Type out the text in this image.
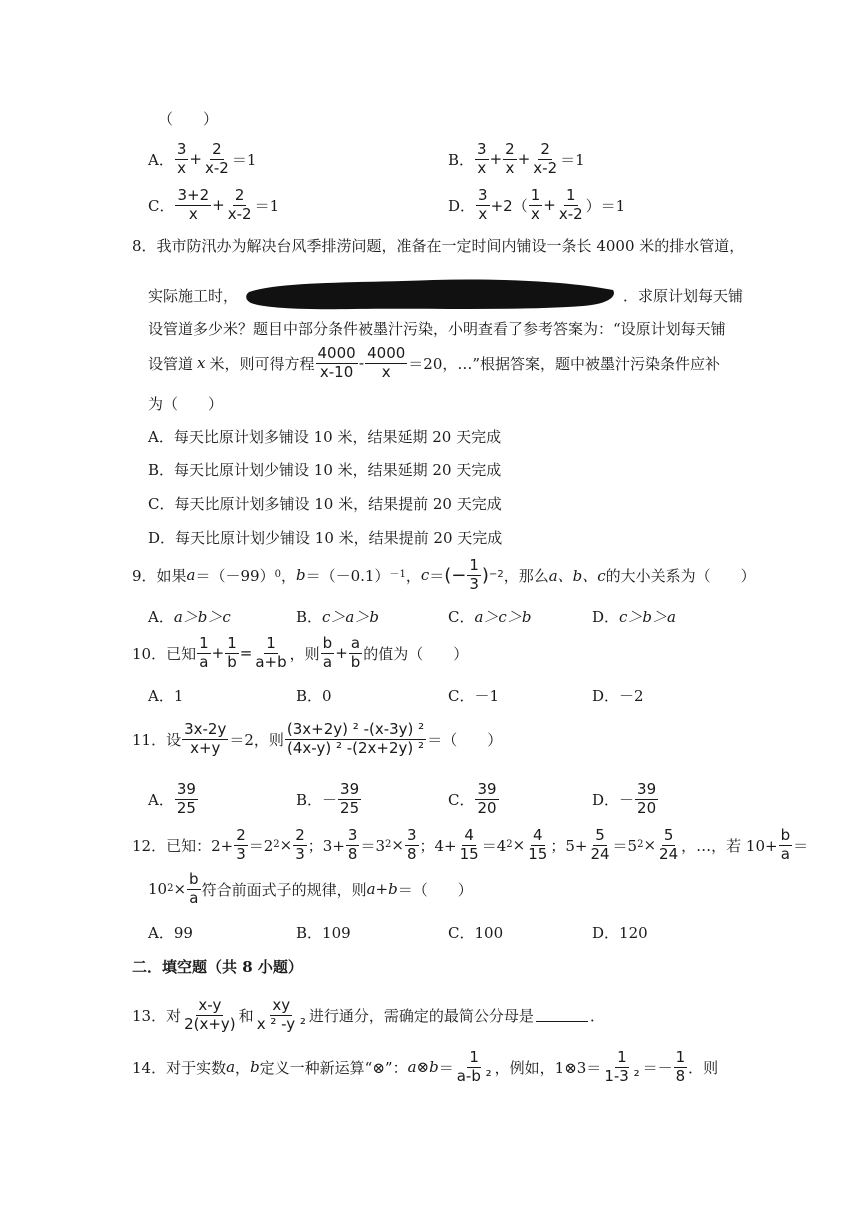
（　　）
A． $\frac{3}{x} + \frac{2}{x-2} =1$	B． $\frac{3}{x} + \frac{2}{x} + \frac{2}{x-2} =1$
C． $\frac{3+2}{x} + \frac{2}{x-2} =1$	D． $\frac{3}{x} +2( \frac{1}{x} + \frac{1}{x-2} )=1$
8．我市防汛办为解决台风季排涝问题，准备在一定时间内铺设一条长 4000 米的排水管道，
实际施工时，	．求原计划每天铺
设管道多少米？题目中部分条件被墨汁污染，小明查看了参考答案为：“设原计划每天铺
设管道 x 米，则可得方程 $\frac{4000}{x-10} - \frac{4000}{x} =20$，…”根据答案，题中被墨汁污染条件应补
为（　　）
A．每天比原计划多铺设 10 米，结果延期 20 天完成
B．每天比原计划少铺设 10 米，结果延期 20 天完成
C．每天比原计划多铺设 10 米，结果提前 20 天完成
D．每天比原计划少铺设 10 米，结果提前 20 天完成
9．如果 a ＝（－99） 0 ， b ＝（－0.1） －1 ， c ＝ (− $\frac{1}{3}$ ) −2 ，那么 a、b、c 的大小关系为（　　）
A．a＞b＞c	B．c＞a＞b	C．a＞c＞b	D．c＞b＞a
10．已知 $\frac{1}{a} + \frac{1}{b} = \frac{1}{a+b}$ ，则 $\frac{b}{a} + \frac{a}{b}$ 的值为（　　）
A．1	B．0	C．－1	D．－2
11．设 $\frac{3x-2y}{x+y} =2$，则 $\frac{\text{(3x+2y) ² -(x-3y) ²}}{\text{(4x-y) ² -(2x+2y) ²}}$ ＝（　　）
A． $\frac{39}{25}$	B． － $\frac{39}{25}$	C． $\frac{39}{20}$	D． － $\frac{39}{20}$
12．已知：$2+ \frac{2}{3} =2$ $2 \times \frac{2}{3}$ ；$3+ \frac{3}{8} =3$ $2 \times \frac{3}{8}$ ；$4+ \frac{4}{15} =4$ $2 \times \frac{4}{15}$ ；$5+ \frac{5}{24} =5$ $2 \times \frac{5}{24}$ ，…，若 $10+ \frac{b}{a}$ ＝
10 $2 \times \frac{b}{a}$ 符合前面式子的规律，则 a+b ＝（　　）
A．99	B．109	C．100	D．120
二．填空题（共 8 小题）
13．对 $\frac{x-y}{2(x+y)}$ 和 $\frac{xy}{\text{x ² -y ²}}$ 进行通分，需确定的最简公分母是	．
14．对于实数 a ， b 定义一种新运算“⊗”： a ⊗ $b = \frac{1}{\text{a-b ²}}$ ，例如，1⊗3＝ $\frac{1}{\text{1-3 ²}} =- \frac{1}{8}$ ．则
